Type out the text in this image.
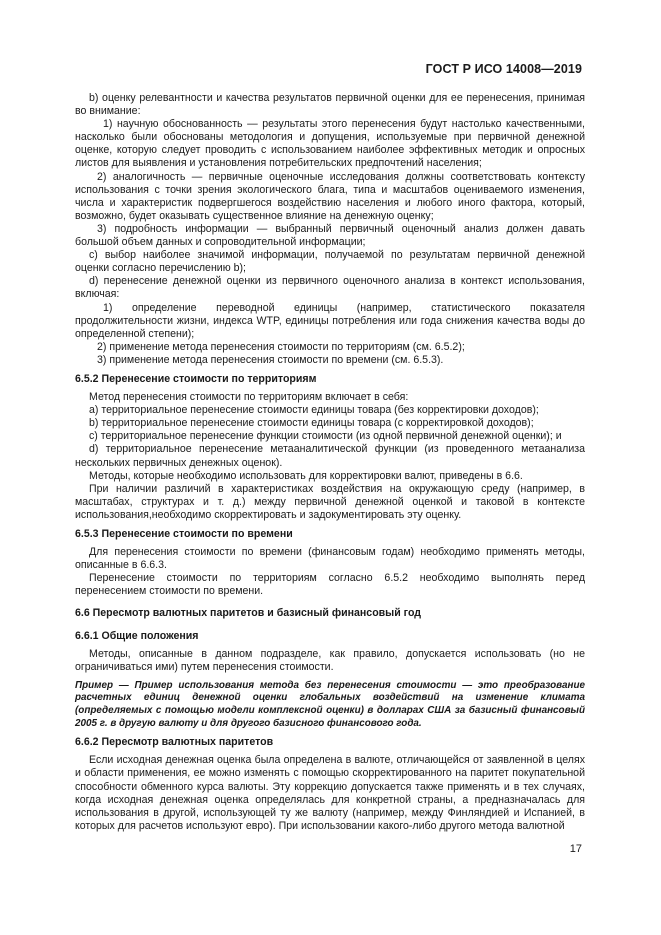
ГОСТ Р ИСО 14008—2019

b) оценку релевантности и качества результатов первичной оценки для ее перенесения, принимая во внимание:

1) научную обоснованность — результаты этого перенесения будут настолько качественными, насколько были обоснованы методология и допущения, используемые при первичной денежной оценке, которую следует проводить с использованием наиболее эффективных методик и опросных листов для выявления и установления потребительских предпочтений населения;

2) аналогичность — первичные оценочные исследования должны соответствовать контексту использования с точки зрения экологического блага, типа и масштабов оцениваемого изменения, числа и характеристик подвергшегося воздействию населения и любого иного фактора, который, возможно, будет оказывать существенное влияние на денежную оценку;

3) подробность информации — выбранный первичный оценочный анализ должен давать большой объем данных и сопроводительной информации;

c) выбор наиболее значимой информации, получаемой по результатам первичной денежной оценки согласно перечислению b);

d) перенесение денежной оценки из первичного оценочного анализа в контекст использования, включая:

1) определение переводной единицы (например, статистического показателя продолжительности жизни, индекса WTP, единицы потребления или года снижения качества воды до определенной степени);

2) применение метода перенесения стоимости по территориям (см. 6.5.2);

3) применение метода перенесения стоимости по времени (см. 6.5.3).

6.5.2 Перенесение стоимости по территориям

Метод перенесения стоимости по территориям включает в себя:

a) территориальное перенесение стоимости единицы товара (без корректировки доходов);

b) территориальное перенесение стоимости единицы товара (с корректировкой доходов);

c) территориальное перенесение функции стоимости (из одной первичной денежной оценки); и

d) территориальное перенесение метааналитической функции (из проведенного метаанализа нескольких первичных денежных оценок).

Методы, которые необходимо использовать для корректировки валют, приведены в 6.6.

При наличии различий в характеристиках воздействия на окружающую среду (например, в масштабах, структурах и т. д.) между первичной денежной оценкой и таковой в контексте использования,необходимо скорректировать и задокументировать эту оценку.

6.5.3 Перенесение стоимости по времени

Для перенесения стоимости по времени (финансовым годам) необходимо применять методы, описанные в 6.6.3.

Перенесение стоимости по территориям согласно 6.5.2 необходимо выполнять перед перенесением стоимости по времени.

6.6 Пересмотр валютных паритетов и базисный финансовый год

6.6.1 Общие положения

Методы, описанные в данном подразделе, как правило, допускается использовать (но не ограничиваться ими) путем перенесения стоимости.

Пример — Пример использования метода без перенесения стоимости — это преобразование расчетных единиц денежной оценки глобальных воздействий на изменение климата (определяемых с помощью модели комплексной оценки) в долларах США за базисный финансовый 2005 г. в другую валюту и для другого базисного финансового года.

6.6.2 Пересмотр валютных паритетов

Если исходная денежная оценка была определена в валюте, отличающейся от заявленной в целях и области применения, ее можно изменять с помощью скорректированного на паритет покупательной способности обменного курса валюты. Эту коррекцию допускается также применять и в тех случаях, когда исходная денежная оценка определялась для конкретной страны, а предназначалась для использования в другой, использующей ту же валюту (например, между Финляндией и Испанией, в которых для расчетов используют евро). При использовании какого-либо другого метода валютной

17
